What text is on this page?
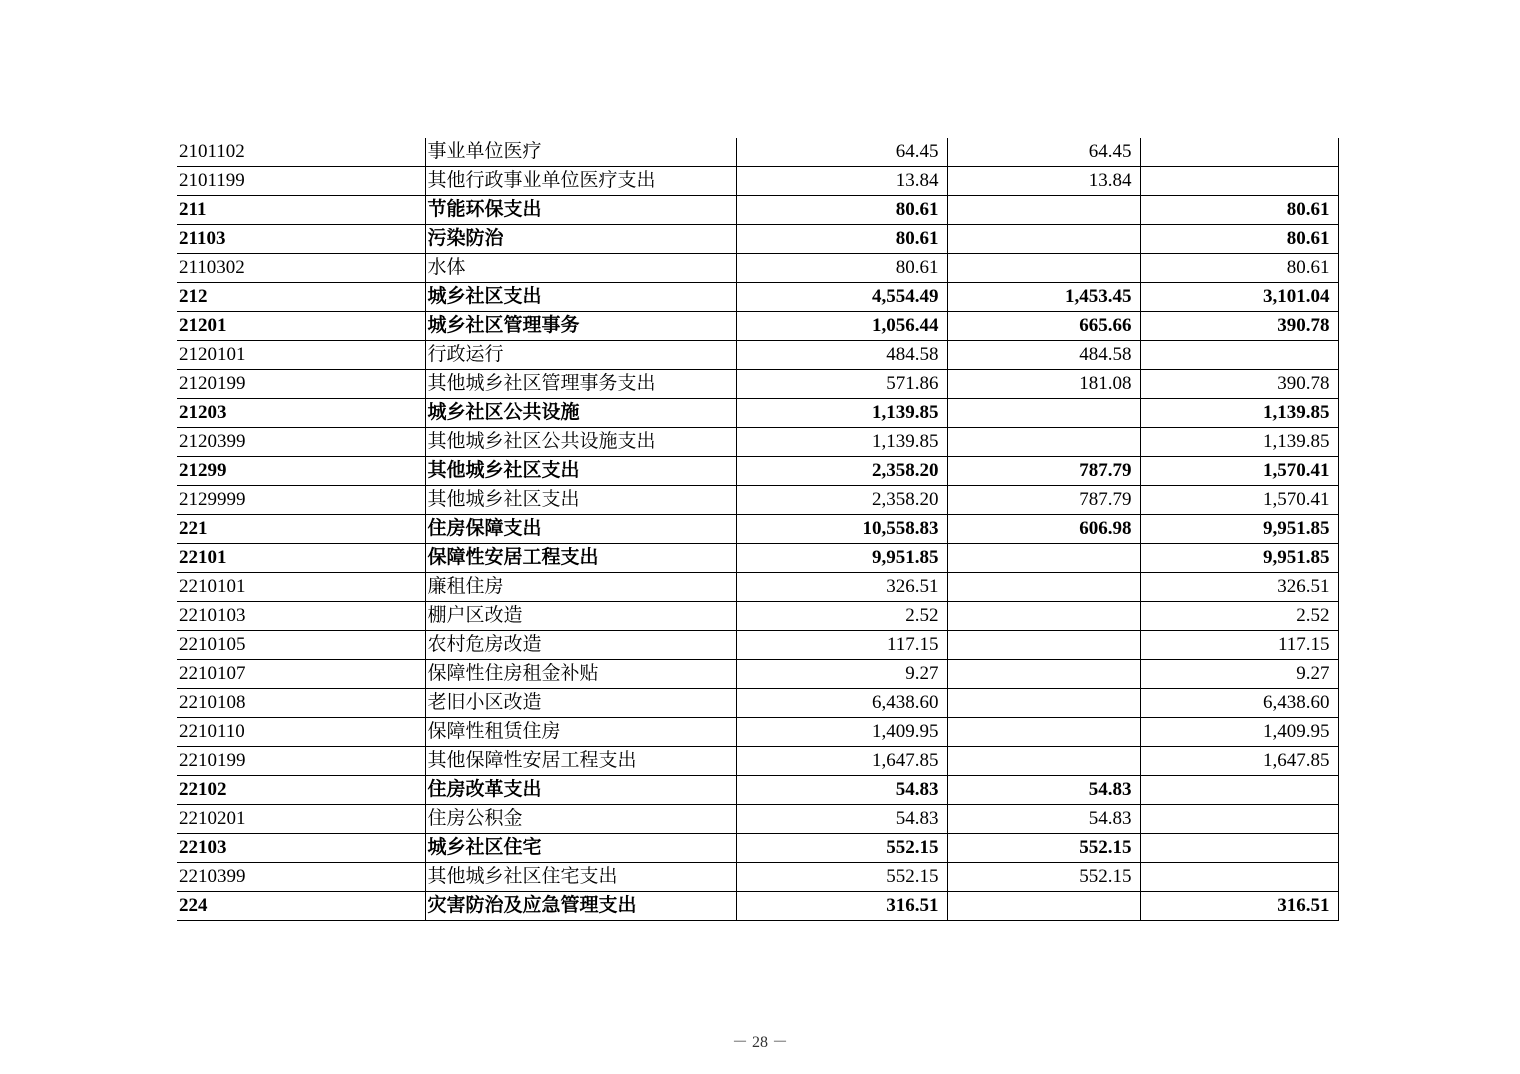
2101102	事业单位医疗	64.45	64.45	
2101199	其他行政事业单位医疗支出	13.84	13.84	
211	节能环保支出	80.61		80.61
21103	污染防治	80.61		80.61
2110302	水体	80.61		80.61
212	城乡社区支出	4,554.49	1,453.45	3,101.04
21201	城乡社区管理事务	1,056.44	665.66	390.78
2120101	行政运行	484.58	484.58	
2120199	其他城乡社区管理事务支出	571.86	181.08	390.78
21203	城乡社区公共设施	1,139.85		1,139.85
2120399	其他城乡社区公共设施支出	1,139.85		1,139.85
21299	其他城乡社区支出	2,358.20	787.79	1,570.41
2129999	其他城乡社区支出	2,358.20	787.79	1,570.41
221	住房保障支出	10,558.83	606.98	9,951.85
22101	保障性安居工程支出	9,951.85		9,951.85
2210101	廉租住房	326.51		326.51
2210103	棚户区改造	2.52		2.52
2210105	农村危房改造	117.15		117.15
2210107	保障性住房租金补贴	9.27		9.27
2210108	老旧小区改造	6,438.60		6,438.60
2210110	保障性租赁住房	1,409.95		1,409.95
2210199	其他保障性安居工程支出	1,647.85		1,647.85
22102	住房改革支出	54.83	54.83	
2210201	住房公积金	54.83	54.83	
22103	城乡社区住宅	552.15	552.15	
2210399	其他城乡社区住宅支出	552.15	552.15	
224	灾害防治及应急管理支出	316.51		316.51
－ 28 －
